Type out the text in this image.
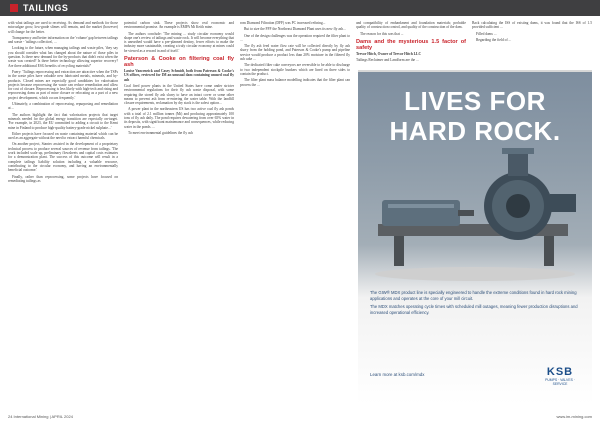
TAILINGS

with what tailings are used to receiving. As demand and methods for those microalgae grow, low-grade slimes will remain, and the market (however) will change for the better.

Transparency and better information on the 'volume' gap between tailings and waste - 'tailings collection', ...

Looking to the future, when managing tailings and waste piles, 'they say you should consider what has changed about the nature of those piles in question. Is there new demand for the by-products that didn't exist when the waste was created? Is there better technology allowing superior recovery? Are there additional ESG benefits of recycling materials?'

Fuery: 'Tailings reprocessing and extraction are attractive when the TSFs in the waste piles have valuable new fabricated metals, minerals, and by-products. Closed mines are especially good candidates for valorisation projects because reprocessing the waste can reduce remediation and allow for cost of closure. Reprocessing is less likely with high-tech and rising and reprocessing dams as part of mine closure or relocating as a part of a new project development, which occurs frequently.'

Ultimately, a combination of reprocessing, repurposing and remediation at ...

The authors highlight the fact that valorisation projects that target minerals needed for the global energy transition are especially on-target. 'For example, in 2023, the EU committed to adding a circuit to the Kemi mine in Finland to produce high-quality battery-grade nickel sulphate...'

Either projects have focused on waste containing material which can be used as an aggregate without the need to extract harmful chemicals.

On another project, Stantec assisted in the development of a proprietary technical process to produce several sources of revenue from tailings. 'The work included scale up, preliminary flowsheets and capital costs estimates for a demonstration plant. The success of this outcome will result in a complete tailings liability solution including a valuable resource, contributing to the circular economy, and having an environmentally beneficial outcome.'

Finally, rather than reprocessing, some projects have focused on remediating tailings as

potential carbon sink. These projects show real economic and environmental promise. An example is EMPA Mt Keith mine.

The authors conclude: 'The mining ... study circular economy would shape one's review of tailings and waste rock. It will become everything that is unearthed would have a pre-planned destiny, fewer efforts to make the industry more sustainable, creating a truly circular economy at mines could be viewed as a reward in and of itself.'

Paterson & Cooke on filtering coal fly ash
Louise Vancenrick and Casey Schmidt, both from Paterson & Cooke's US offices, reviewed for IM an unusual dam containing unused coal fly ash

Coal fired power plants in the United States have come under stricter environmental regulations for their fly ash waste disposal, with some requiring the stored fly ash slurry to have an intact cover or some other means to prevent ash from re-entering the water table. With the landfill closure requirements, reclamation by dry stack is the safest option...

A power plant in the northeastern US has two active coal fly ash ponds with a total of 2.1 million tonnes (Mt) and producing approximately 100 tons of fly ash daily. The pond requires dewatering from over 65% water in its deposits, with significant maintenance and consequences, while reducing water in the ponds. ...

To meet environmental guidelines the fly ash

rom Diamond Filtration (DFF) was PC increased refining...

But to size the FFF the Northeast Diamond Plant uses its new fly ash...

One of the design challenges was the operation required the filter plant to ...

The fly ash feed water flow rate will be collected directly by fly ash slurry from the holding pond, and Paterson & Cooke's pump and pipeline service would produce a product less than 20% moisture in the filtered fly ash cake ...

The dedicated filter cake conveyors are reversible to be able to discharge to two independent stockpile bunkers which are lined on three sides to contain the product.

The filter plant mass balance modelling indicates that the filter plant can process the ...

and compatibility of embankment and foundation materials; probable quality of construction control, and quality of the construction of the dam.

The reason for this was that ...

Dams and the mysterious 1.5 factor of safety
Trevor Hitch, Owner of Trevor Hitch LLC

Tailings Reclaimer and Landform are the ...

Back calculating the ISS of existing dams, it was found that the ISS of 1.5 provided sufficient ...

Filled dams ...

Regarding the field of ...

LIVES FOR
HARD ROCK.

The GIW® MDX product line is specially engineered to handle the extreme conditions found in hard rock mining applications and operates at the core of your mill circuit.

The MDX matches operating cycle times with scheduled mill outages, meaning fewer production disruptions and increased operational efficiency.

Learn more at ksb.com/mdx	KSB
PUMPS · VALVES · SERVICE
24 International Mining | APRIL 2024	www.im-mining.com
